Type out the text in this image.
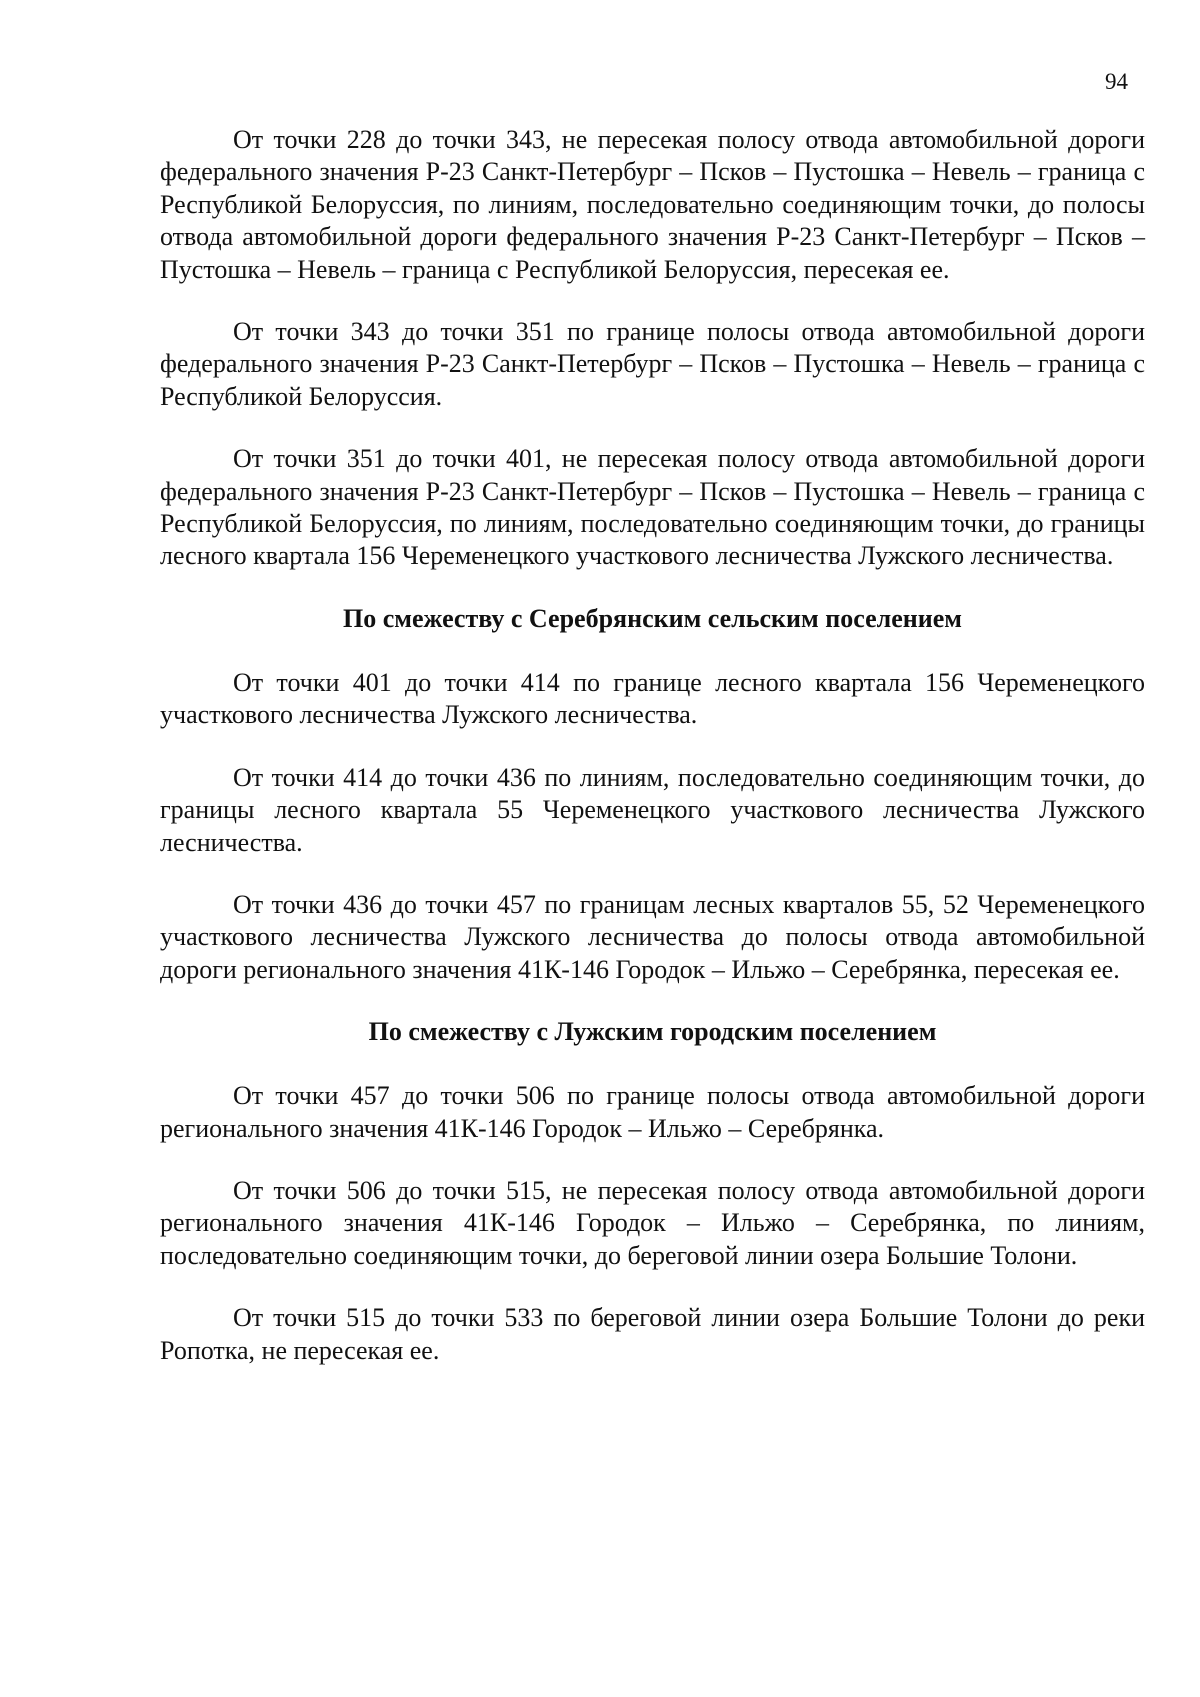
94

От точки 228 до точки 343, не пересекая полосу отвода автомобильной дороги федерального значения Р-23 Санкт-Петербург – Псков – Пустошка – Невель – граница с Республикой Белоруссия, по линиям, последовательно соединяющим точки, до полосы отвода автомобильной дороги федерального значения Р-23 Санкт-Петербург – Псков – Пустошка – Невель – граница с Республикой Белоруссия, пересекая ее.

От точки 343 до точки 351 по границе полосы отвода автомобильной дороги федерального значения Р-23 Санкт-Петербург – Псков – Пустошка – Невель – граница с Республикой Белоруссия.

От точки 351 до точки 401, не пересекая полосу отвода автомобильной дороги федерального значения Р-23 Санкт-Петербург – Псков – Пустошка – Невель – граница с Республикой Белоруссия, по линиям, последовательно соединяющим точки, до границы лесного квартала 156 Череменецкого участкового лесничества Лужского лесничества.

По смежеству с Серебрянским сельским поселением

От точки 401 до точки 414 по границе лесного квартала 156 Череменецкого участкового лесничества Лужского лесничества.

От точки 414 до точки 436 по линиям, последовательно соединяющим точки, до границы лесного квартала 55 Череменецкого участкового лесничества Лужского лесничества.

От точки 436 до точки 457 по границам лесных кварталов 55, 52 Череменецкого участкового лесничества Лужского лесничества до полосы отвода автомобильной дороги регионального значения 41К-146 Городок – Ильжо – Серебрянка, пересекая ее.

По смежеству с Лужским городским поселением

От точки 457 до точки 506 по границе полосы отвода автомобильной дороги регионального значения 41К-146 Городок – Ильжо – Серебрянка.

От точки 506 до точки 515, не пересекая полосу отвода автомобильной дороги регионального значения 41К-146 Городок – Ильжо – Серебрянка, по линиям, последовательно соединяющим точки, до береговой линии озера Большие Толони.

От точки 515 до точки 533 по береговой линии озера Большие Толони до реки Ропотка, не пересекая ее.
